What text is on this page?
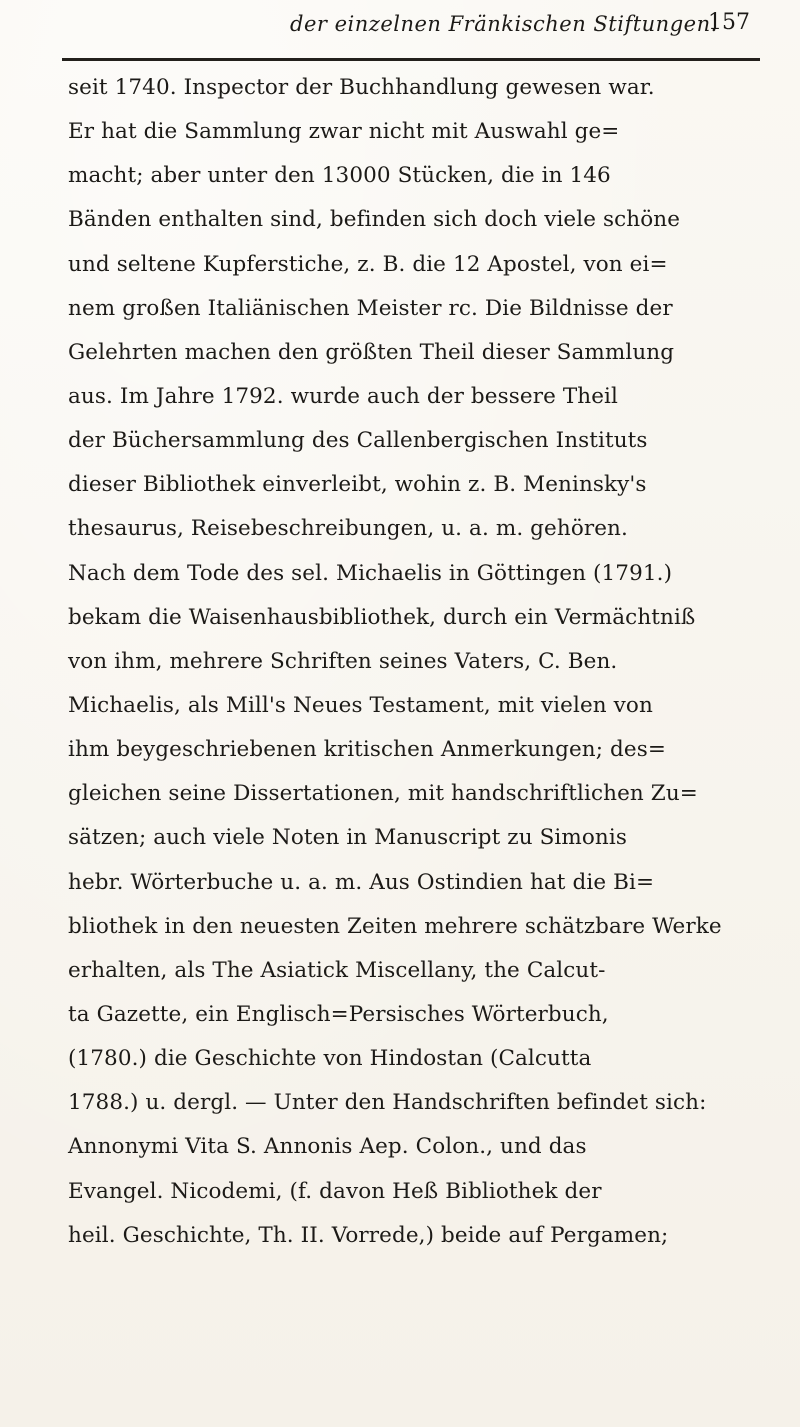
der einzelnen Fränkischen Stiftungen.
157
seit 1740. Inspector der Buchhandlung gewesen war.
Er hat die Sammlung zwar nicht mit Auswahl ge=
macht; aber unter den 13000 Stücken, die in 146
Bänden enthalten sind, befinden sich doch viele schöne
und seltene Kupferstiche, z. B. die 12 Apostel, von ei=
nem großen Italiänischen Meister rc. Die Bildnisse der
Gelehrten machen den größten Theil dieser Sammlung
aus. Im Jahre 1792. wurde auch der bessere Theil
der Büchersammlung des Callenbergischen Instituts
dieser Bibliothek einverleibt, wohin z. B. Meninsky's
thesaurus, Reisebeschreibungen, u. a. m. gehören.
Nach dem Tode des sel. Michaelis in Göttingen (1791.)
bekam die Waisenhausbibliothek, durch ein Vermächtniß
von ihm, mehrere Schriften seines Vaters, C. Ben.
Michaelis, als Mill's Neues Testament, mit vielen von
ihm beygeschriebenen kritischen Anmerkungen; des=
gleichen seine Dissertationen, mit handschriftlichen Zu=
sätzen; auch viele Noten in Manuscript zu Simonis
hebr. Wörterbuche u. a. m. Aus Ostindien hat die Bi=
bliothek in den neuesten Zeiten mehrere schätzbare Werke
erhalten, als The Asiatick Miscellany, the Calcut-
ta Gazette, ein Englisch=Persisches Wörterbuch,
(1780.) die Geschichte von Hindostan (Calcutta
1788.) u. dergl. — Unter den Handschriften befindet sich:
Annonymi Vita S. Annonis Aep. Colon., und das
Evangel. Nicodemi, (f. davon Heß Bibliothek der
heil. Geschichte, Th. II. Vorrede,) beide auf Pergamen;
